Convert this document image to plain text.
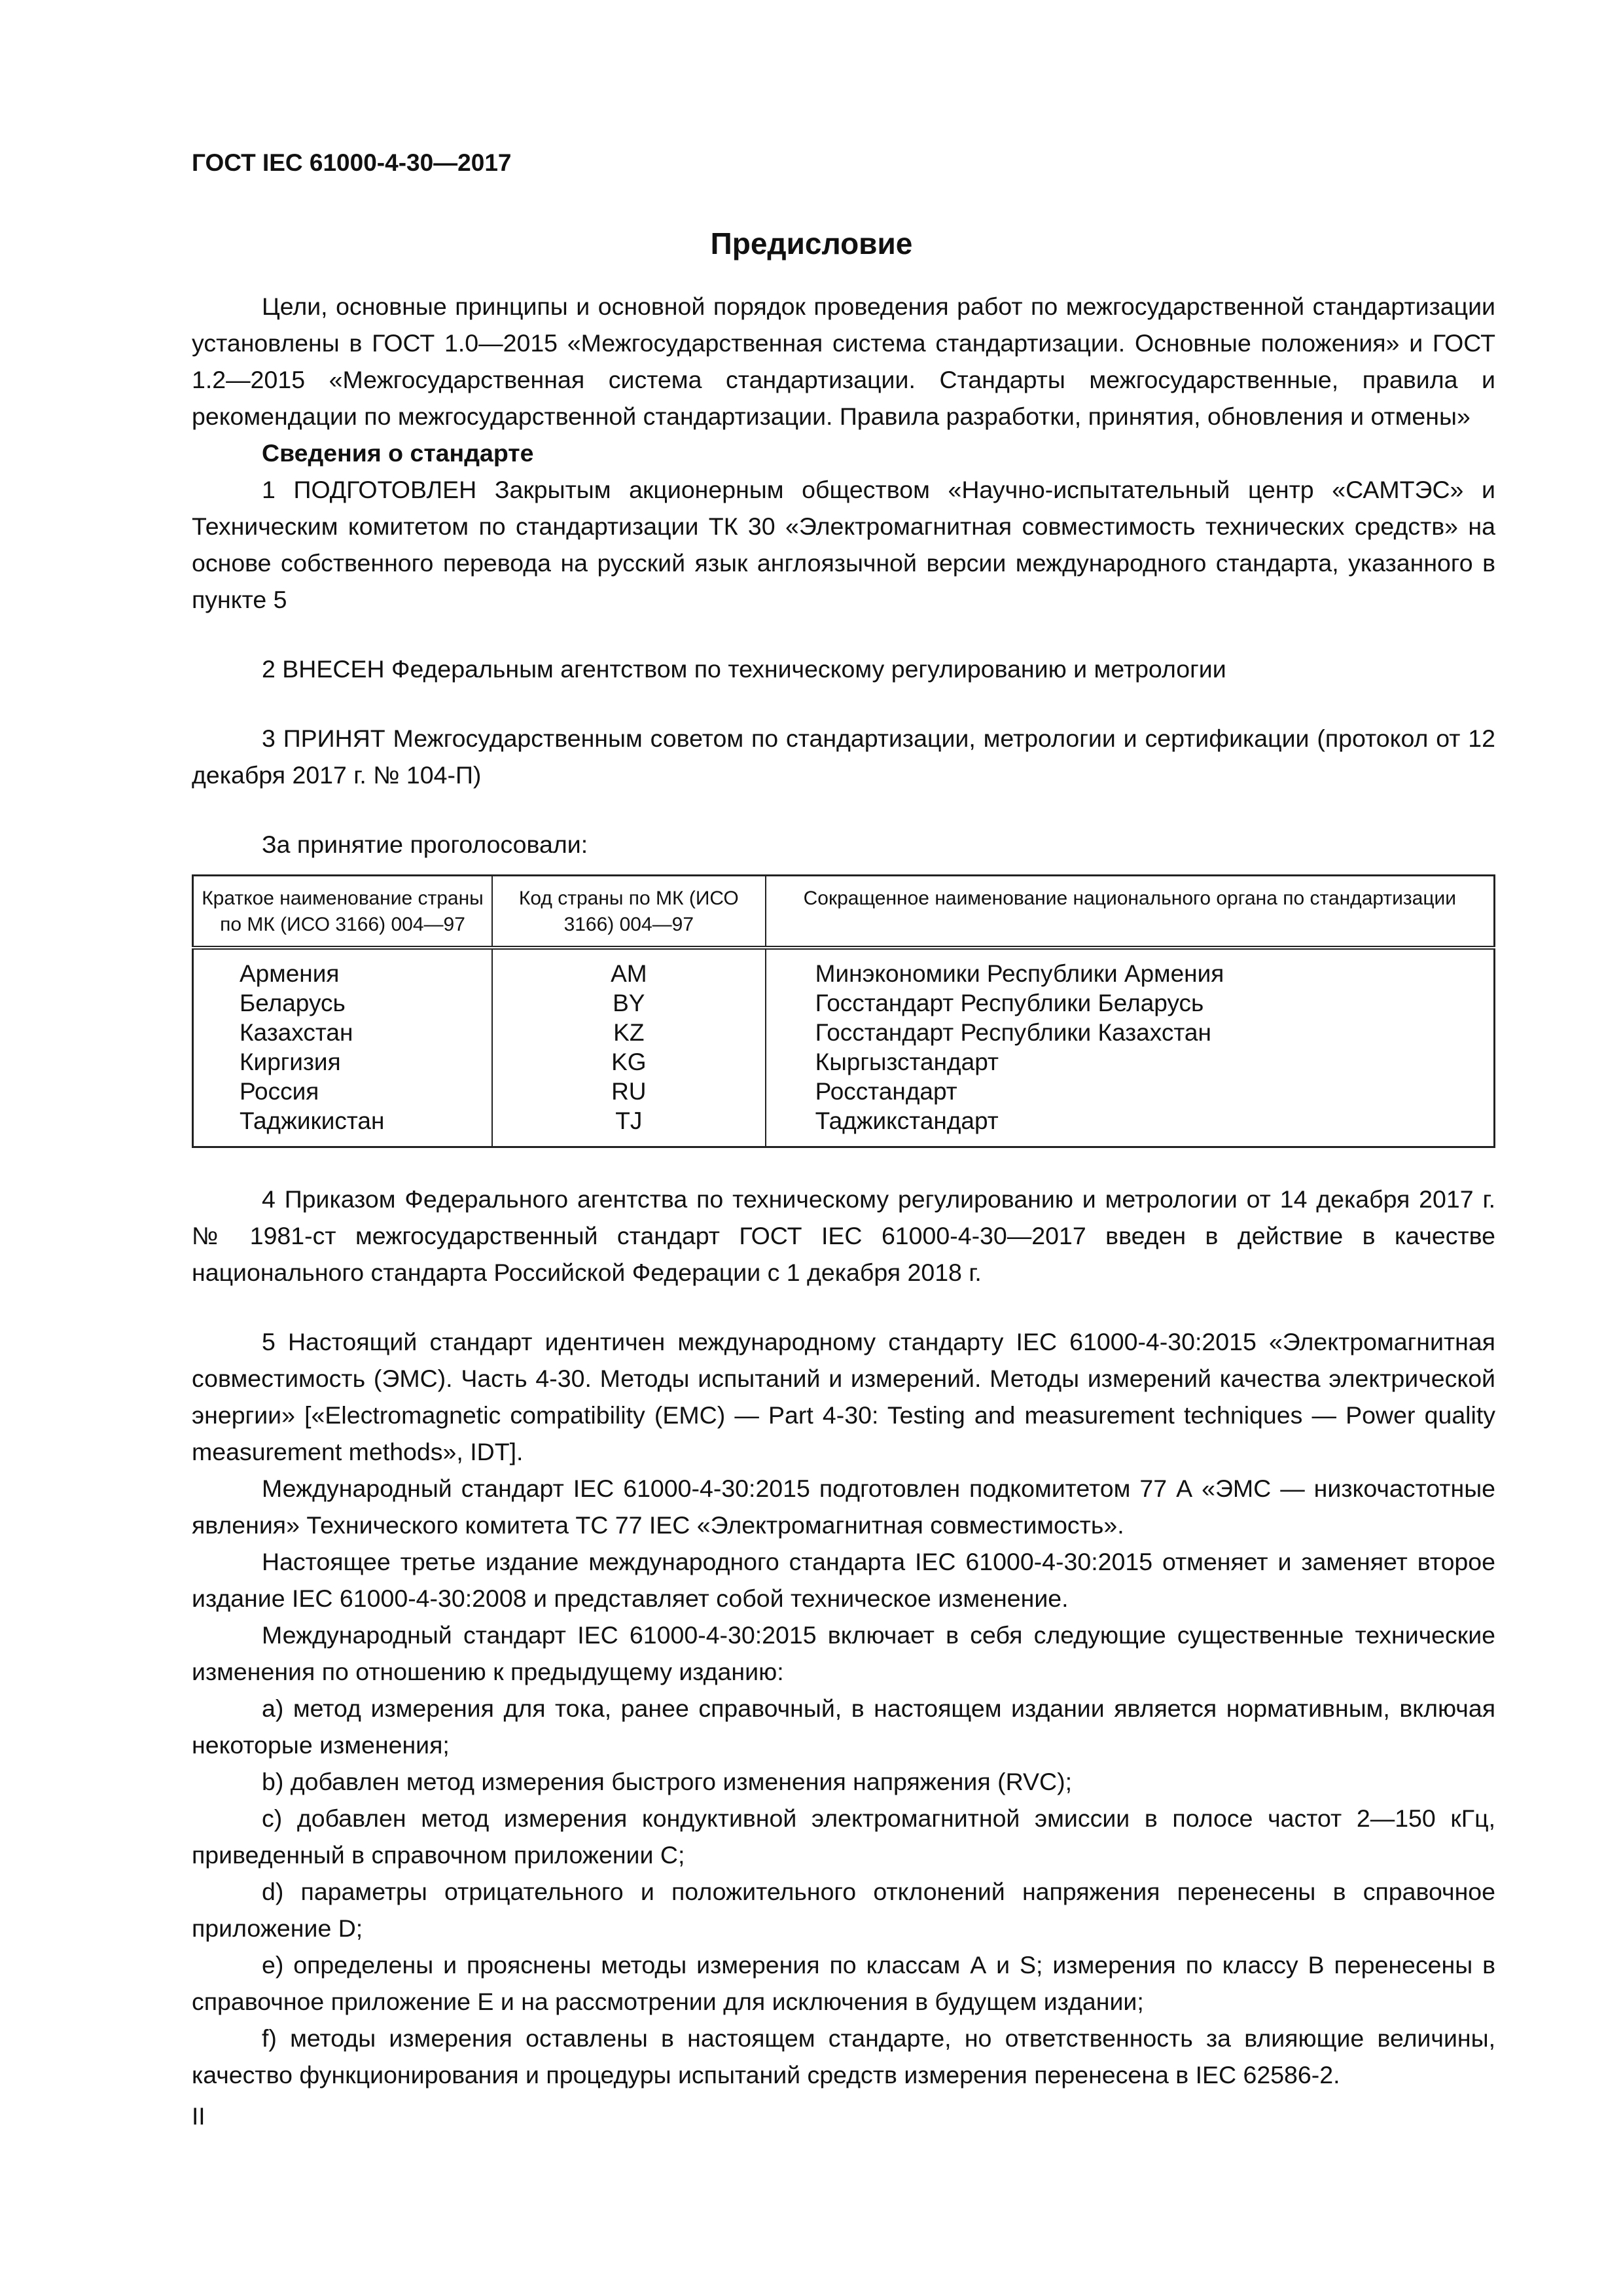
ГОСТ IEC 61000-4-30—2017
Предисловие

Цели, основные принципы и основной порядок проведения работ по межгосударственной стандартизации установлены в ГОСТ 1.0—2015 «Межгосударственная система стандартизации. Основные положения» и ГОСТ 1.2—2015 «Межгосударственная система стандартизации. Стандарты межгосударственные, правила и рекомендации по межгосударственной стандартизации. Правила разработки, принятия, обновления и отмены»

Сведения о стандарте

1 ПОДГОТОВЛЕН Закрытым акционерным обществом «Научно-испытательный центр «САМТЭС» и Техническим комитетом по стандартизации ТК 30 «Электромагнитная совместимость технических средств» на основе собственного перевода на русский язык англоязычной версии международного стандарта, указанного в пункте 5

2 ВНЕСЕН Федеральным агентством по техническому регулированию и метрологии

3 ПРИНЯТ Межгосударственным советом по стандартизации, метрологии и сертификации (протокол от 12 декабря 2017 г. № 104-П)

За принятие проголосовали:

Краткое наименование страны по МК (ИСО 3166) 004—97	Код страны по МК (ИСО 3166) 004—97	Сокращенное наименование национального органа по стандартизации
Армения	AM	Минэкономики Республики Армения
Беларусь	BY	Госстандарт Республики Беларусь
Казахстан	KZ	Госстандарт Республики Казахстан
Киргизия	KG	Кыргызстандарт
Россия	RU	Росстандарт
Таджикистан	TJ	Таджикстандарт

4 Приказом Федерального агентства по техническому регулированию и метрологии от 14 декабря 2017 г. № 1981-ст межгосударственный стандарт ГОСТ IEC 61000-4-30—2017 введен в действие в качестве национального стандарта Российской Федерации с 1 декабря 2018 г.

5 Настоящий стандарт идентичен международному стандарту IEC 61000-4-30:2015 «Электромагнитная совместимость (ЭМС). Часть 4-30. Методы испытаний и измерений. Методы измерений качества электрической энергии» [«Electromagnetic compatibility (EMC) — Part 4-30: Testing and measurement techniques — Power quality measurement methods», IDT].

Международный стандарт IEC 61000-4-30:2015 подготовлен подкомитетом 77 А «ЭМС — низкочастотные явления» Технического комитета ТС 77 IEC «Электромагнитная совместимость».

Настоящее третье издание международного стандарта IEC 61000-4-30:2015 отменяет и заменяет второе издание IEC 61000-4-30:2008 и представляет собой техническое изменение.

Международный стандарт IEC 61000-4-30:2015 включает в себя следующие существенные технические изменения по отношению к предыдущему изданию:

a) метод измерения для тока, ранее справочный, в настоящем издании является нормативным, включая некоторые изменения;

b) добавлен метод измерения быстрого изменения напряжения (RVC);

c) добавлен метод измерения кондуктивной электромагнитной эмиссии в полосе частот 2—150 кГц, приведенный в справочном приложении С;

d) параметры отрицательного и положительного отклонений напряжения перенесены в справочное приложение D;

e) определены и прояснены методы измерения по классам А и S; измерения по классу В перенесены в справочное приложение Е и на рассмотрении для исключения в будущем издании;

f) методы измерения оставлены в настоящем стандарте, но ответственность за влияющие величины, качество функционирования и процедуры испытаний средств измерения перенесена в IEC 62586-2.

II
